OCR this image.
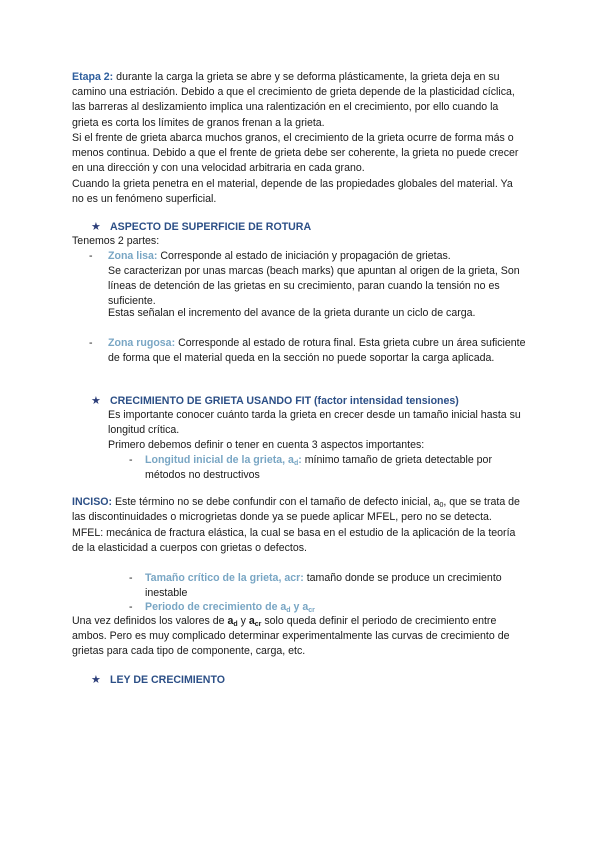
Etapa 2: durante la carga la grieta se abre y se deforma plásticamente, la grieta deja en su camino una estriación. Debido a que el crecimiento de grieta depende de la plasticidad cíclica, las barreras al deslizamiento implica una ralentización en el crecimiento, por ello cuando la grieta es corta los límites de granos frenan a la grieta.

Si el frente de grieta abarca muchos granos, el crecimiento de la grieta ocurre de forma más o menos continua. Debido a que el frente de grieta debe ser coherente, la grieta no puede crecer en una dirección y con una velocidad arbitraria en cada grano.

Cuando la grieta penetra en el material, depende de las propiedades globales del material. Ya no es un fenómeno superficial.

★ ASPECTO DE SUPERFICIE DE ROTURA

Tenemos 2 partes:

- Zona lisa: Corresponde al estado de iniciación y propagación de grietas.

Se caracterizan por unas marcas (beach marks) que apuntan al origen de la grieta, Son líneas de detención de las grietas en su crecimiento, paran cuando la tensión no es suficiente.

Estas señalan el incremento del avance de la grieta durante un ciclo de carga.

- Zona rugosa: Corresponde al estado de rotura final. Esta grieta cubre un área suficiente de forma que el material queda en la sección no puede soportar la carga aplicada.

★ CRECIMIENTO DE GRIETA USANDO FIT (factor intensidad tensiones)

Es importante conocer cuánto tarda la grieta en crecer desde un tamaño inicial hasta su longitud crítica.

Primero debemos definir o tener en cuenta 3 aspectos importantes:

- Longitud inicial de la grieta, $a_d$: mínimo tamaño de grieta detectable por métodos no destructivos

INCISO: Este término no se debe confundir con el tamaño de defecto inicial, $a_0$, que se trata de las discontinuidades o microgrietas donde ya se puede aplicar MFEL, pero no se detecta.

MFEL: mecánica de fractura elástica, la cual se basa en el estudio de la aplicación de la teoría de la elasticidad a cuerpos con grietas o defectos.

- Tamaño crítico de la grieta, acr: tamaño donde se produce un crecimiento inestable

- Periodo de crecimiento de $a_d$ y $a_{cr}$

Una vez definidos los valores de $a_d$ y $a_{cr}$ solo queda definir el periodo de crecimiento entre ambos. Pero es muy complicado determinar experimentalmente las curvas de crecimiento de grietas para cada tipo de componente, carga, etc.

★ LEY DE CRECIMIENTO
